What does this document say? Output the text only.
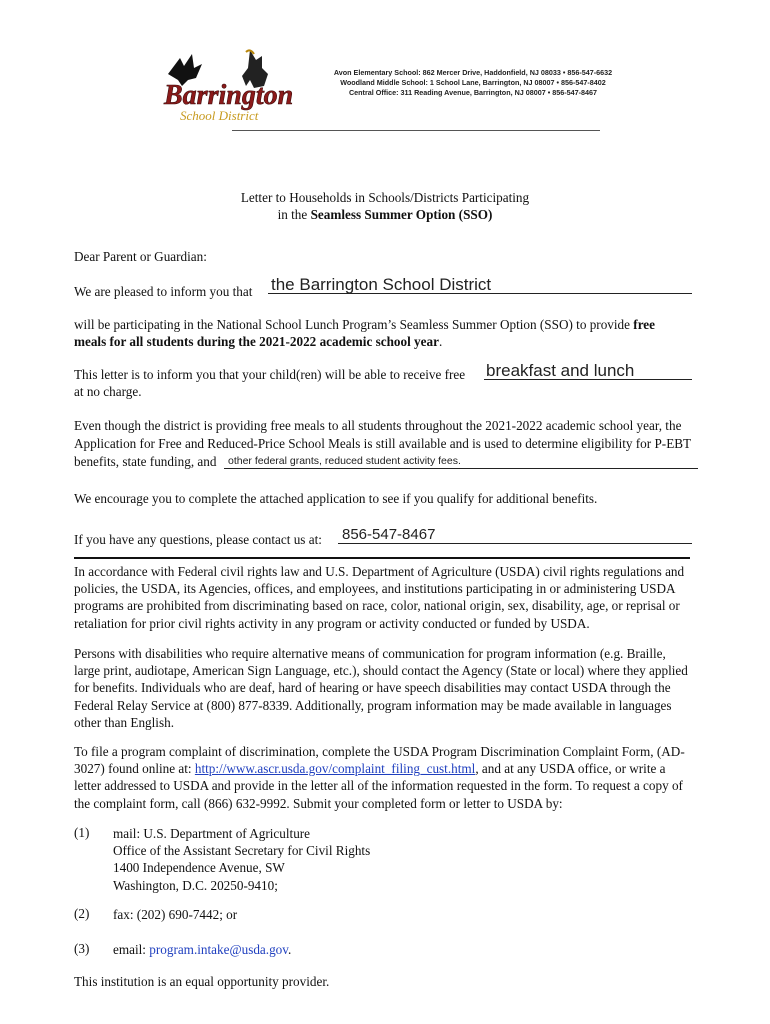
Barrington
School District
Avon Elementary School: 862 Mercer Drive, Haddonfield, NJ 08033 • 856-547-6632
Woodland Middle School: 1 School Lane, Barrington, NJ 08007 • 856-547-8402
Central Office: 311 Reading Avenue, Barrington, NJ 08007 • 856-547-8467
Letter to Households in Schools/Districts Participating
in the Seamless Summer Option (SSO)
Dear Parent or Guardian:
We are pleased to inform you that	the Barrington School District
will be participating in the National School Lunch Program’s Seamless Summer Option (SSO) to provide free
meals for all students during the 2021-2022 academic school year.
This letter is to inform you that your child(ren) will be able to receive free
at no charge.
breakfast and lunch
Even though the district is providing free meals to all students throughout the 2021-2022 academic school year, the
Application for Free and Reduced-Price School Meals is still available and is used to determine eligibility for P-EBT
benefits, state funding, and	other federal grants, reduced student activity fees.
We encourage you to complete the attached application to see if you qualify for additional benefits.
If you have any questions, please contact us at:	856-547-8467
In accordance with Federal civil rights law and U.S. Department of Agriculture (USDA) civil rights regulations and policies, the USDA, its Agencies, offices, and employees, and institutions participating in or administering USDA programs are prohibited from discriminating based on race, color, national origin, sex, disability, age, or reprisal or retaliation for prior civil rights activity in any program or activity conducted or funded by USDA.
Persons with disabilities who require alternative means of communication for program information (e.g. Braille, large print, audiotape, American Sign Language, etc.), should contact the Agency (State or local) where they applied for benefits. Individuals who are deaf, hard of hearing or have speech disabilities may contact USDA through the Federal Relay Service at (800) 877-8339. Additionally, program information may be made available in languages other than English.
To file a program complaint of discrimination, complete the USDA Program Discrimination Complaint Form, (AD-3027) found online at: http://www.ascr.usda.gov/complaint_filing_cust.html, and at any USDA office, or write a letter addressed to USDA and provide in the letter all of the information requested in the form. To request a copy of the complaint form, call (866) 632-9992. Submit your completed form or letter to USDA by:
(1) mail: U.S. Department of Agriculture
Office of the Assistant Secretary for Civil Rights
1400 Independence Avenue, SW
Washington, D.C. 20250-9410;
(2) fax: (202) 690-7442; or
(3) email: program.intake@usda.gov.
This institution is an equal opportunity provider.
